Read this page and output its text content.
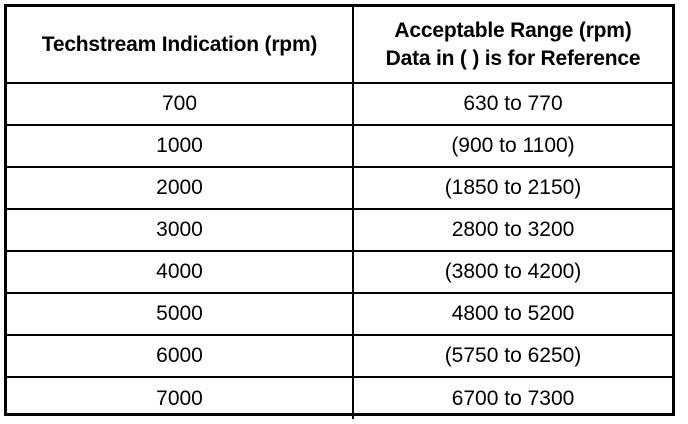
Techstream Indication (rpm)	Acceptable Range (rpm)
Data in ( ) is for Reference

700	630 to 770
1000	(900 to 1100)
2000	(1850 to 2150)
3000	2800 to 3200
4000	(3800 to 4200)
5000	4800 to 5200
6000	(5750 to 6250)
7000	6700 to 7300
